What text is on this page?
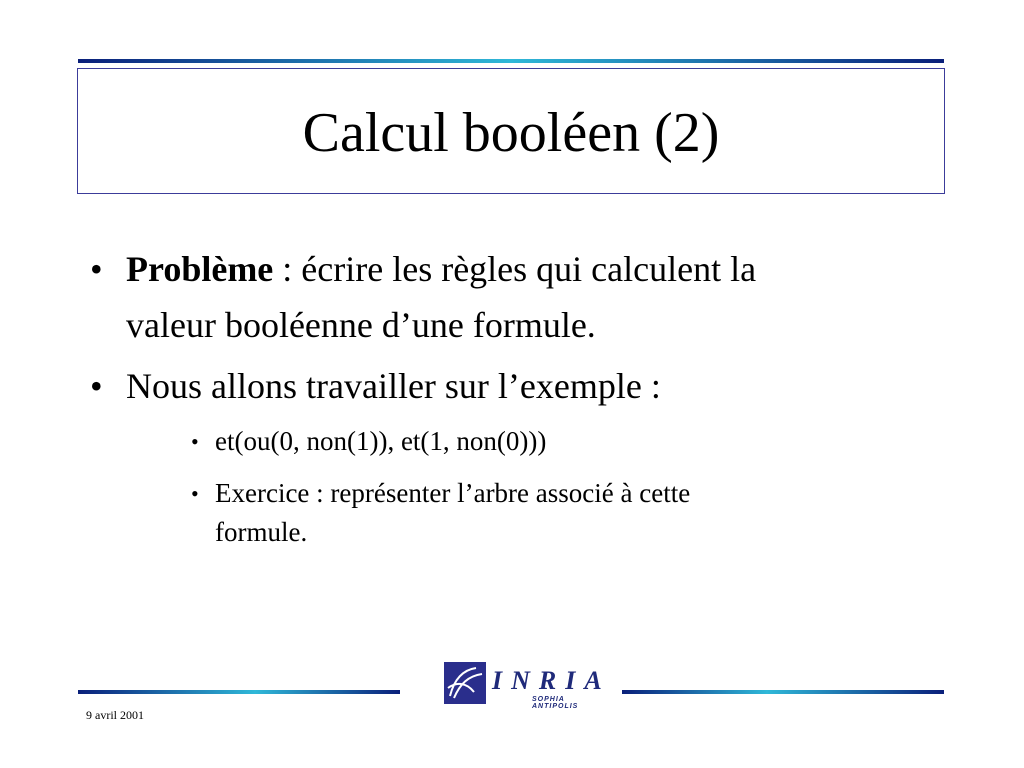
Calcul booléen (2)
• Problème : écrire les règles qui calculent la
valeur booléenne d’une formule.
• Nous allons travailler sur l’exemple :
• et(ou(0, non(1)), et(1, non(0)))
• Exercice : représenter l’arbre associé à cette
formule.
INRIA
SOPHIA ANTIPOLIS
9 avril 2001
